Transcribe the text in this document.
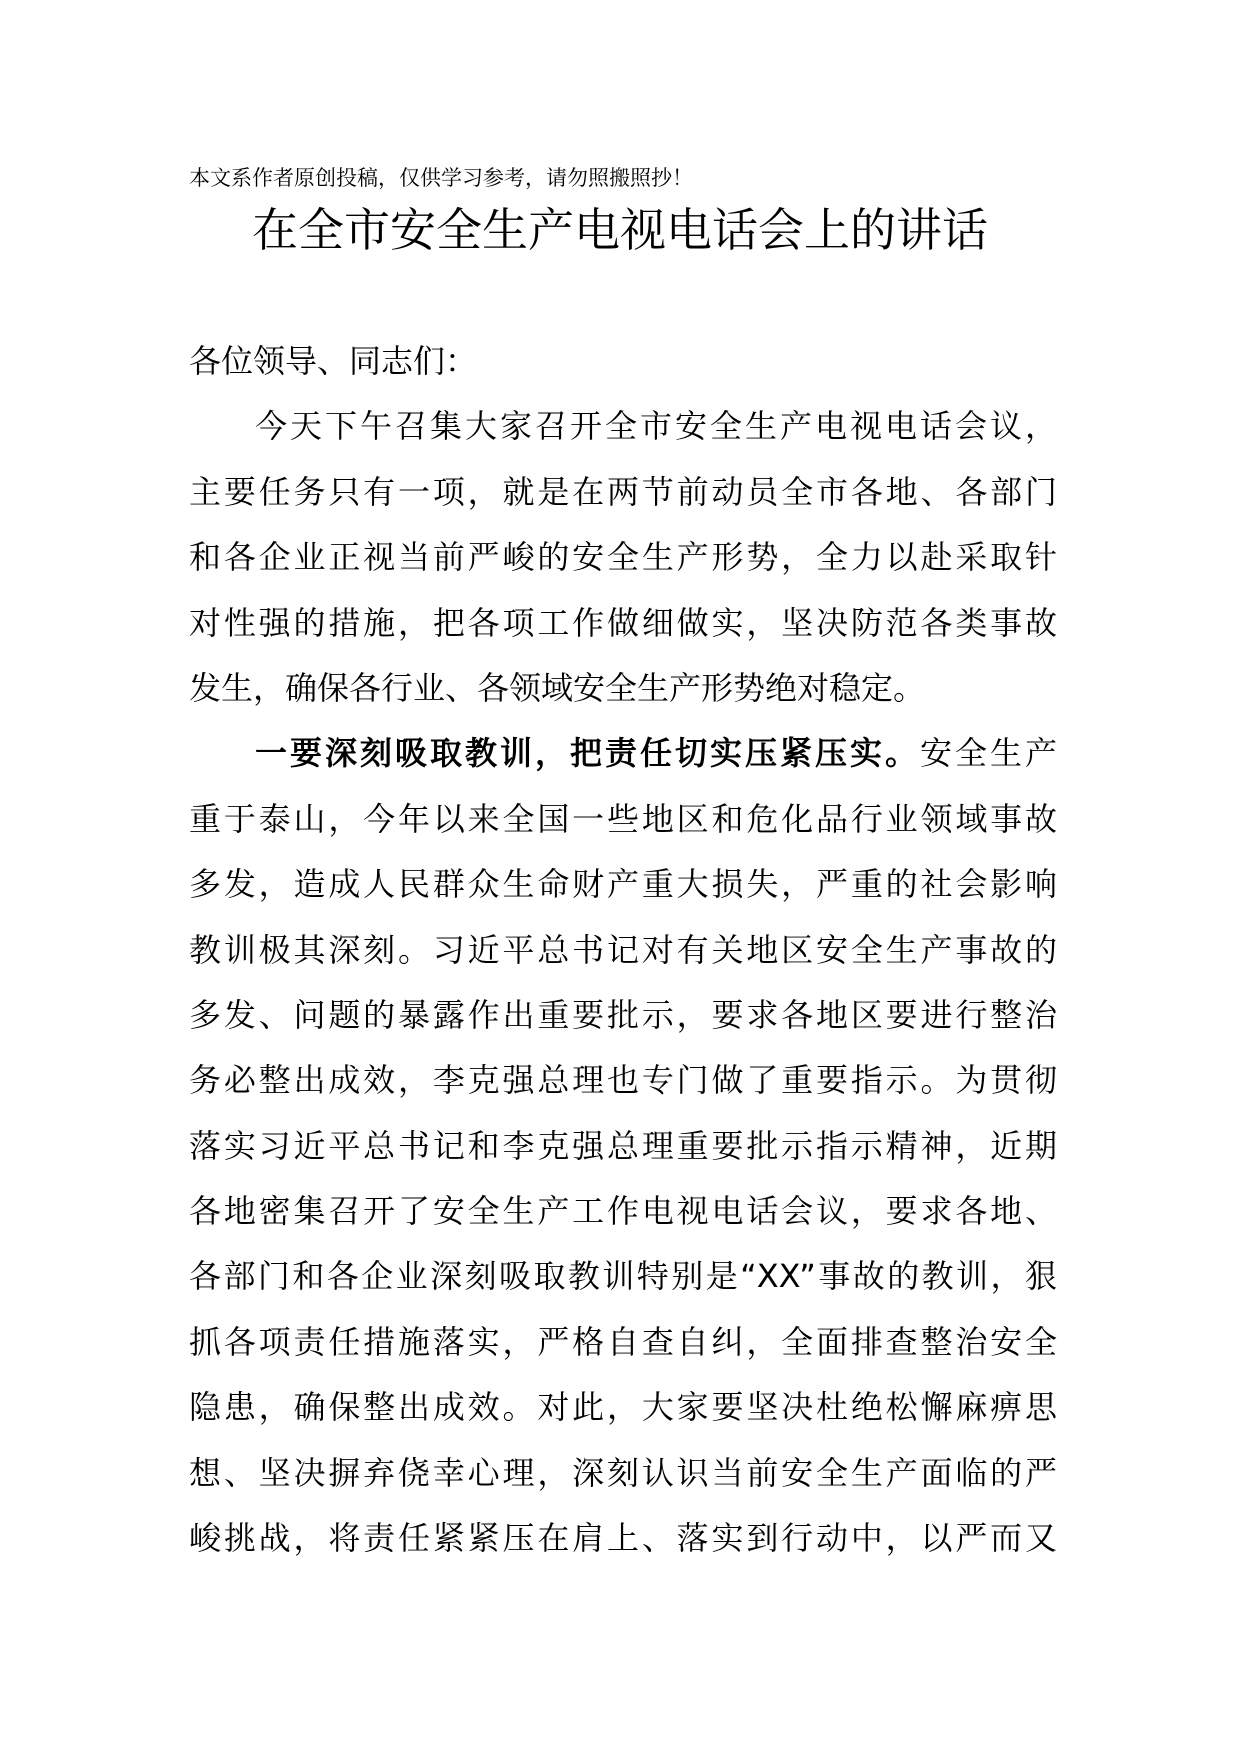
本文系作者原创投稿，仅供学习参考，请勿照搬照抄！
在全市安全生产电视电话会上的讲话
各位领导、同志们：
今天下午召集大家召开全市安全生产电视电话会议，
主要任务只有一项，就是在两节前动员全市各地、各部门
和各企业正视当前严峻的安全生产形势，全力以赴采取针
对性强的措施，把各项工作做细做实，坚决防范各类事故
发生，确保各行业、各领域安全生产形势绝对稳定。
一要深刻吸取教训，把责任切实压紧压实。安全生产
重于泰山，今年以来全国一些地区和危化品行业领域事故
多发，造成人民群众生命财产重大损失，严重的社会影响
教训极其深刻。习近平总书记对有关地区安全生产事故的
多发、问题的暴露作出重要批示，要求各地区要进行整治
务必整出成效，李克强总理也专门做了重要指示。为贯彻
落实习近平总书记和李克强总理重要批示指示精神，近期
各地密集召开了安全生产工作电视电话会议，要求各地、
各部门和各企业深刻吸取教训特别是“XX”事故的教训，狠
抓各项责任措施落实，严格自查自纠，全面排查整治安全
隐患，确保整出成效。对此，大家要坚决杜绝松懈麻痹思
想、坚决摒弃侥幸心理，深刻认识当前安全生产面临的严
峻挑战，将责任紧紧压在肩上、落实到行动中，以严而又
